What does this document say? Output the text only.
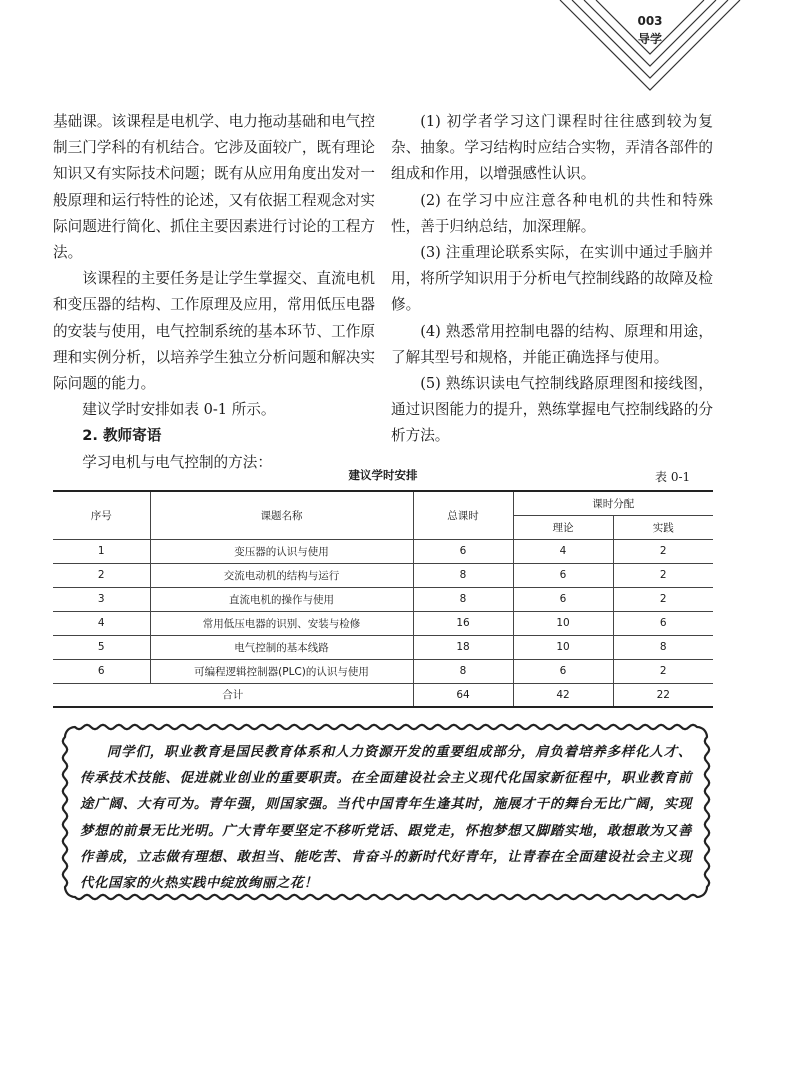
003
导学

基础课。该课程是电机学、电力拖动基础和电气控制三门学科的有机结合。它涉及面较广，既有理论知识又有实际技术问题；既有从应用角度出发对一般原理和运行特性的论述，又有依据工程观念对实际问题进行简化、抓住主要因素进行讨论的工程方法。

该课程的主要任务是让学生掌握交、直流电机和变压器的结构、工作原理及应用，常用低压电器的安装与使用，电气控制系统的基本环节、工作原理和实例分析，以培养学生独立分析问题和解决实际问题的能力。

建议学时安排如表 0-1 所示。

2. 教师寄语

学习电机与电气控制的方法：

(1) 初学者学习这门课程时往往感到较为复杂、抽象。学习结构时应结合实物，弄清各部件的组成和作用，以增强感性认识。

(2) 在学习中应注意各种电机的共性和特殊性，善于归纳总结，加深理解。

(3) 注重理论联系实际，在实训中通过手脑并用，将所学知识用于分析电气控制线路的故障及检修。

(4) 熟悉常用控制电器的结构、原理和用途，了解其型号和规格，并能正确选择与使用。

(5) 熟练识读电气控制线路原理图和接线图，通过识图能力的提升，熟练掌握电气控制线路的分析方法。

建议学时安排	表 0-1
序号	课题名称	总课时	课时分配	
			理论	实践
1	变压器的认识与使用	6	4	2
2	交流电动机的结构与运行	8	6	2
3	直流电机的操作与使用	8	6	2
4	常用低压电器的识别、安装与检修	16	10	6
5	电气控制的基本线路	18	10	8
6	可编程逻辑控制器(PLC)的认识与使用	8	6	2
合计		64	42	22

同学们，职业教育是国民教育体系和人力资源开发的重要组成部分，肩负着培养多样化人才、传承技术技能、促进就业创业的重要职责。在全面建设社会主义现代化国家新征程中，职业教育前途广阔、大有可为。青年强，则国家强。当代中国青年生逢其时，施展才干的舞台无比广阔，实现梦想的前景无比光明。广大青年要坚定不移听党话、跟党走，怀抱梦想又脚踏实地，敢想敢为又善作善成，立志做有理想、敢担当、能吃苦、肯奋斗的新时代好青年，让青春在全面建设社会主义现代化国家的火热实践中绽放绚丽之花！
